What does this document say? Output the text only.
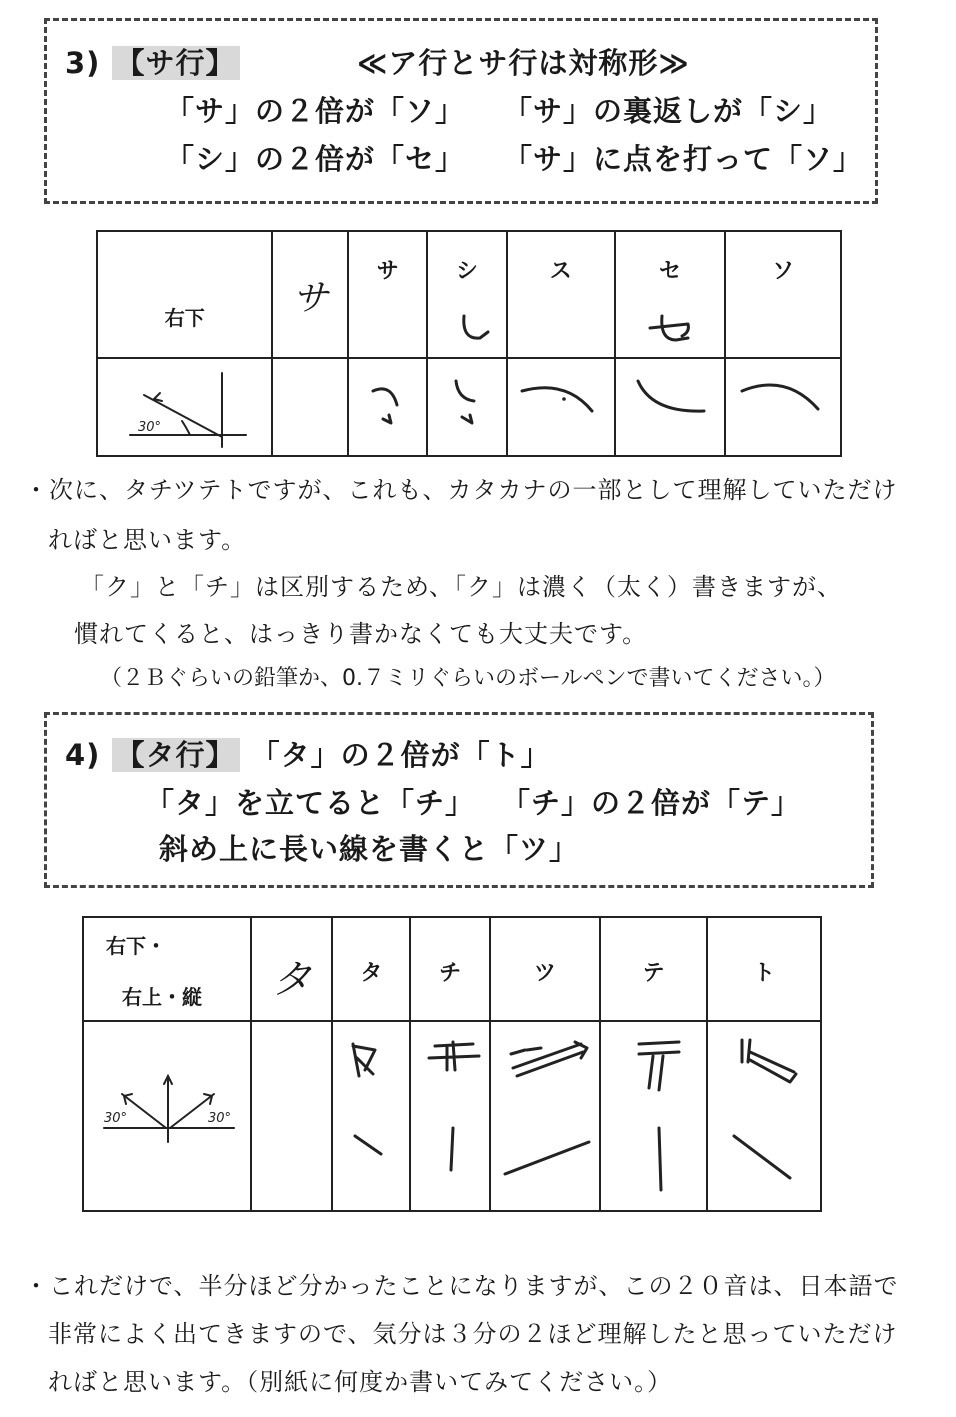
3) 【サ行】	≪ア行とサ行は対称形≫
「サ」の２倍が「ソ」 「サ」の裏返しが「シ」
「シ」の２倍が「セ」 「サ」に点を打って「ソ」
右下	サ	サ	シ	ス	セ	ソ

30°

・次に、タチツテトですが、これも、カタカナの一部として理解していただけ
ればと思います。
「ク」と「チ」は区別するため、「ク」は濃く（太く）書きますが、
慣れてくると、はっきり書かなくても大丈夫です。
（２Ｂぐらいの鉛筆か、0.７ミリぐらいのボールペンで書いてください。）
4) 【タ行】 「タ」の２倍が「ト」
「タ」を立てると「チ」 「チ」の２倍が「テ」
斜め上に長い線を書くと「ツ」
右下・
右上・縦	タ	タ	チ	ツ	テ	ト

30° 30°

・これだけで、半分ほど分かったことになりますが、この２０音は、日本語で
非常によく出てきますので、気分は３分の２ほど理解したと思っていただけ
ればと思います。（別紙に何度か書いてみてください。）
